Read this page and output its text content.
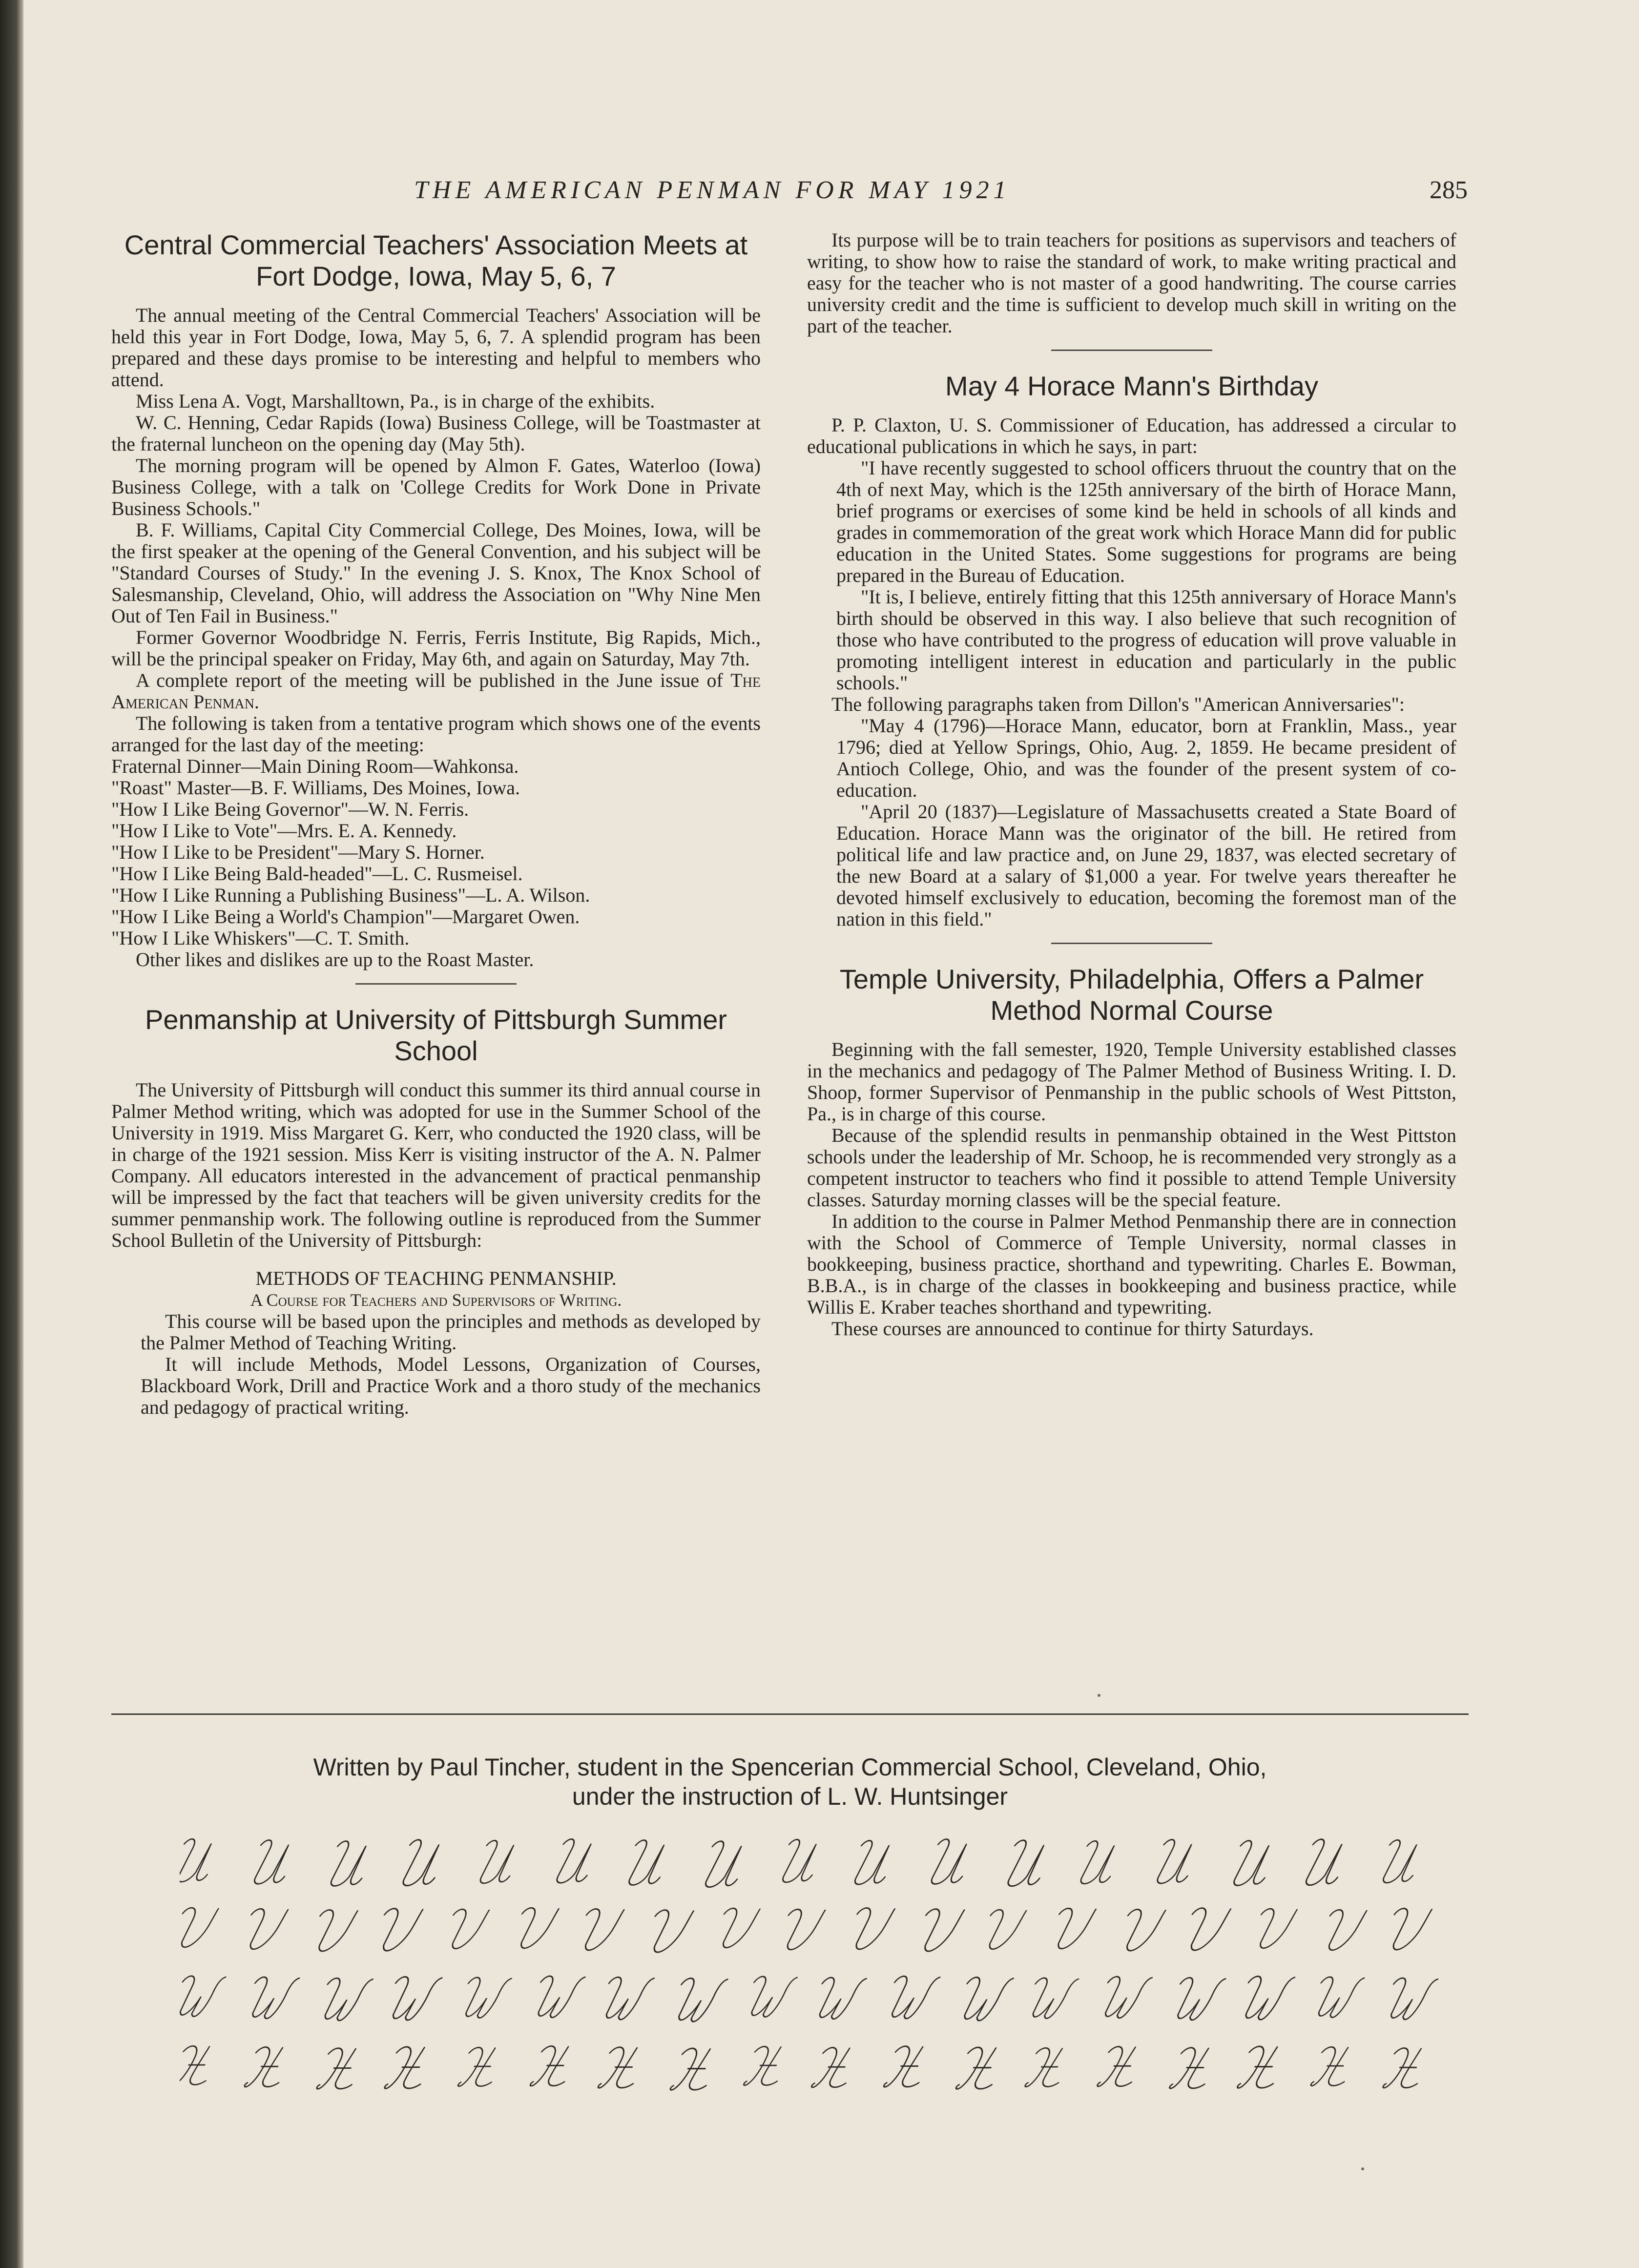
THE AMERICAN PENMAN FOR MAY 1921	285
Central Commercial Teachers' Association Meets at Fort Dodge, Iowa, May 5, 6, 7

The annual meeting of the Central Commercial Teachers' Association will be held this year in Fort Dodge, Iowa, May 5, 6, 7. A splendid program has been prepared and these days promise to be interesting and helpful to members who attend.

Miss Lena A. Vogt, Marshalltown, Pa., is in charge of the exhibits.

W. C. Henning, Cedar Rapids (Iowa) Business College, will be Toastmaster at the fraternal luncheon on the opening day (May 5th).

The morning program will be opened by Almon F. Gates, Waterloo (Iowa) Business College, with a talk on 'College Credits for Work Done in Private Business Schools."

B. F. Williams, Capital City Commercial College, Des Moines, Iowa, will be the first speaker at the opening of the General Convention, and his subject will be "Standard Courses of Study." In the evening J. S. Knox, The Knox School of Salesmanship, Cleveland, Ohio, will address the Association on "Why Nine Men Out of Ten Fail in Business."

Former Governor Woodbridge N. Ferris, Ferris Institute, Big Rapids, Mich., will be the principal speaker on Friday, May 6th, and again on Saturday, May 7th.

A complete report of the meeting will be published in the June issue of The American Penman.

The following is taken from a tentative program which shows one of the events arranged for the last day of the meeting:

Fraternal Dinner—Main Dining Room—Wahkonsa.

"Roast" Master—B. F. Williams, Des Moines, Iowa.

"How I Like Being Governor"—W. N. Ferris.

"How I Like to Vote"—Mrs. E. A. Kennedy.

"How I Like to be President"—Mary S. Horner.

"How I Like Being Bald-headed"—L. C. Rusmeisel.

"How I Like Running a Publishing Business"—L. A. Wilson.

"How I Like Being a World's Champion"—Margaret Owen.

"How I Like Whiskers"—C. T. Smith.

Other likes and dislikes are up to the Roast Master.

Penmanship at University of Pittsburgh Summer School

The University of Pittsburgh will conduct this summer its third annual course in Palmer Method writing, which was adopted for use in the Summer School of the University in 1919. Miss Margaret G. Kerr, who conducted the 1920 class, will be in charge of the 1921 session. Miss Kerr is visiting instructor of the A. N. Palmer Company. All educators interested in the advancement of practical penmanship will be impressed by the fact that teachers will be given university credits for the summer penmanship work. The following outline is reproduced from the Summer School Bulletin of the University of Pittsburgh:

METHODS OF TEACHING PENMANSHIP.

A Course for Teachers and Supervisors of Writing.

This course will be based upon the principles and methods as developed by the Palmer Method of Teaching Writing.

It will include Methods, Model Lessons, Organization of Courses, Blackboard Work, Drill and Practice Work and a thoro study of the mechanics and pedagogy of practical writing.

Its purpose will be to train teachers for positions as supervisors and teachers of writing, to show how to raise the standard of work, to make writing practical and easy for the teacher who is not master of a good handwriting. The course carries university credit and the time is sufficient to develop much skill in writing on the part of the teacher.

May 4 Horace Mann's Birthday

P. P. Claxton, U. S. Commissioner of Education, has addressed a circular to educational publications in which he says, in part:

"I have recently suggested to school officers thruout the country that on the 4th of next May, which is the 125th anniversary of the birth of Horace Mann, brief programs or exercises of some kind be held in schools of all kinds and grades in commemoration of the great work which Horace Mann did for public education in the United States. Some suggestions for programs are being prepared in the Bureau of Education.

"It is, I believe, entirely fitting that this 125th anniversary of Horace Mann's birth should be observed in this way. I also believe that such recognition of those who have contributed to the progress of education will prove valuable in promoting intelligent interest in education and particularly in the public schools."

The following paragraphs taken from Dillon's "American Anniversaries":

"May 4 (1796)—Horace Mann, educator, born at Franklin, Mass., year 1796; died at Yellow Springs, Ohio, Aug. 2, 1859. He became president of Antioch College, Ohio, and was the founder of the present system of co-education.

"April 20 (1837)—Legislature of Massachusetts created a State Board of Education. Horace Mann was the originator of the bill. He retired from political life and law practice and, on June 29, 1837, was elected secretary of the new Board at a salary of $1,000 a year. For twelve years thereafter he devoted himself exclusively to education, becoming the foremost man of the nation in this field."

Temple University, Philadelphia, Offers a Palmer Method Normal Course

Beginning with the fall semester, 1920, Temple University established classes in the mechanics and pedagogy of The Palmer Method of Business Writing. I. D. Shoop, former Supervisor of Penmanship in the public schools of West Pittston, Pa., is in charge of this course.

Because of the splendid results in penmanship obtained in the West Pittston schools under the leadership of Mr. Schoop, he is recommended very strongly as a competent instructor to teachers who find it possible to attend Temple University classes. Saturday morning classes will be the special feature.

In addition to the course in Palmer Method Penmanship there are in connection with the School of Commerce of Temple University, normal classes in bookkeeping, business practice, shorthand and typewriting. Charles E. Bowman, B.B.A., is in charge of the classes in bookkeeping and business practice, while Willis E. Kraber teaches shorthand and typewriting.

These courses are announced to continue for thirty Saturdays.

Written by Paul Tincher, student in the Spencerian Commercial School, Cleveland, Ohio,
under the instruction of L. W. Huntsinger
